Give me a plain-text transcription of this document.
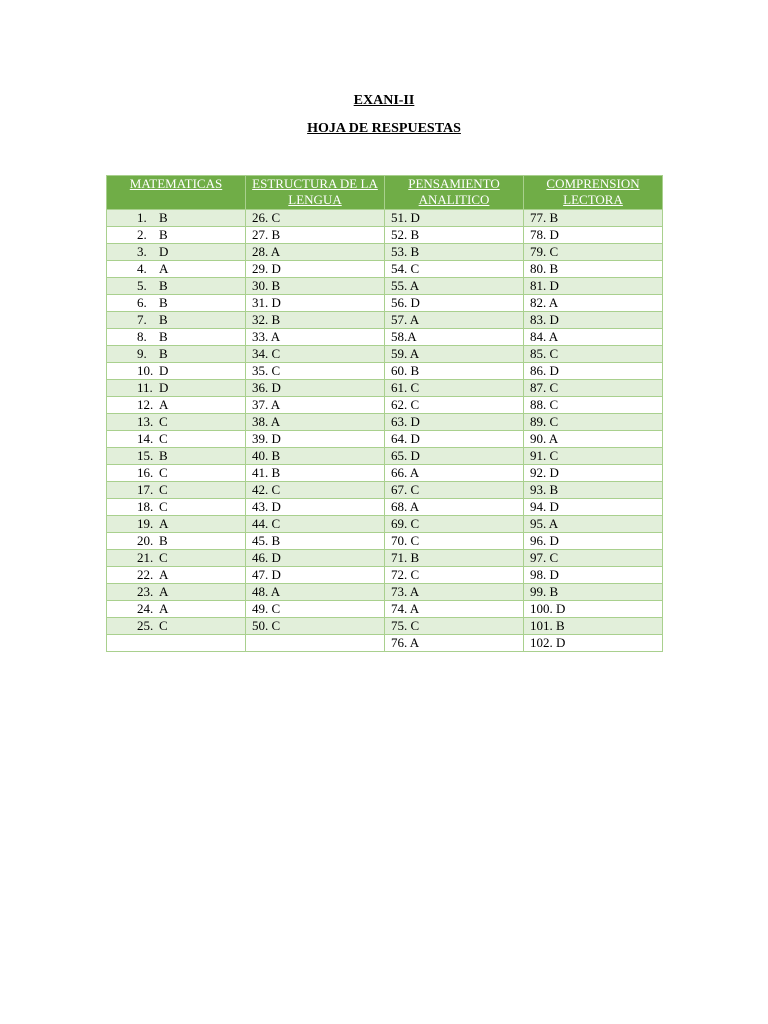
EXANI-II
HOJA DE RESPUESTAS
MATEMATICAS	ESTRUCTURA DE LA LENGUA	PENSAMIENTO ANALITICO	COMPRENSION LECTORA
1. B	26. C	51. D	77. B
2. B	27. B	52. B	78. D
3. D	28. A	53. B	79. C
4. A	29. D	54. C	80. B
5. B	30. B	55. A	81. D
6. B	31. D	56. D	82. A
7. B	32. B	57. A	83. D
8. B	33. A	58.A	84. A
9. B	34. C	59. A	85. C
10. D	35. C	60. B	86. D
11. D	36. D	61. C	87. C
12. A	37. A	62. C	88. C
13. C	38. A	63. D	89. C
14. C	39. D	64. D	90. A
15. B	40. B	65. D	91. C
16. C	41. B	66. A	92. D
17. C	42. C	67. C	93. B
18. C	43. D	68. A	94. D
19. A	44. C	69. C	95. A
20. B	45. B	70. C	96. D
21. C	46. D	71. B	97. C
22. A	47. D	72. C	98. D
23. A	48. A	73. A	99. B
24. A	49. C	74. A	100. D
25. C	50. C	75. C	101. B
		76. A	102. D
